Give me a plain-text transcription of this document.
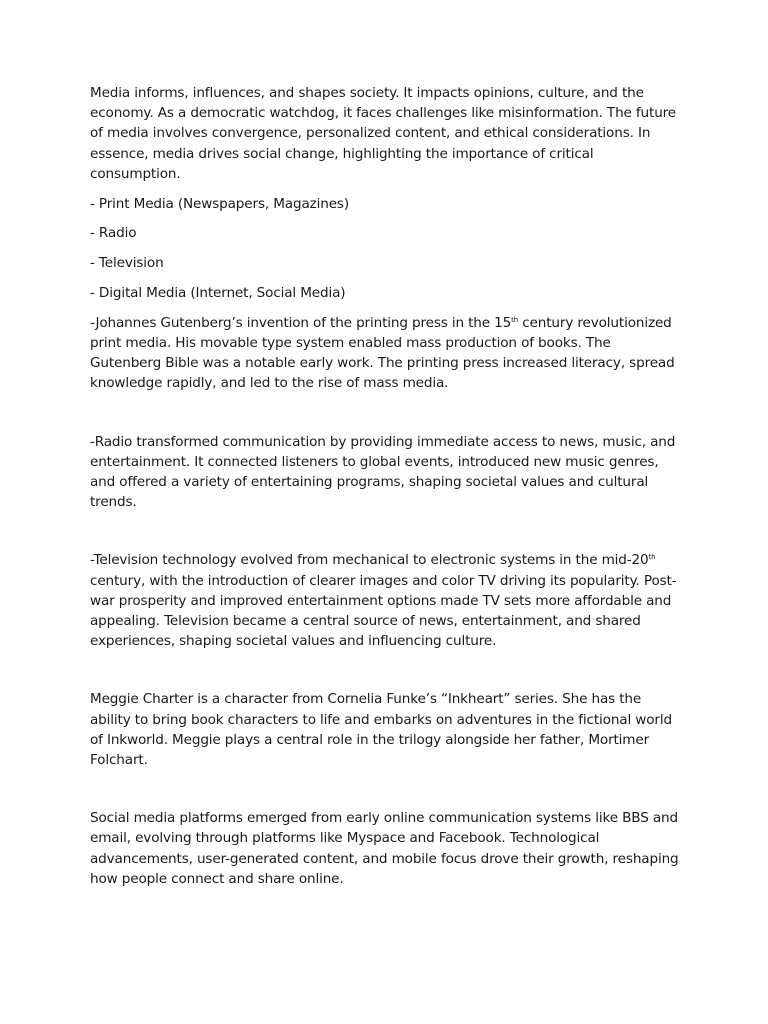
Media informs, influences, and shapes society. It impacts opinions, culture, and the economy. As a democratic watchdog, it faces challenges like misinformation. The future of media involves convergence, personalized content, and ethical considerations. In essence, media drives social change, highlighting the importance of critical consumption.

- Print Media (Newspapers, Magazines)

- Radio

- Television

- Digital Media (Internet, Social Media)

-Johannes Gutenberg’s invention of the printing press in the 15th century revolutionized print media. His movable type system enabled mass production of books. The Gutenberg Bible was a notable early work. The printing press increased literacy, spread knowledge rapidly, and led to the rise of mass media.

-Radio transformed communication by providing immediate access to news, music, and entertainment. It connected listeners to global events, introduced new music genres, and offered a variety of entertaining programs, shaping societal values and cultural trends.

-Television technology evolved from mechanical to electronic systems in the mid-20th century, with the introduction of clearer images and color TV driving its popularity. Post-war prosperity and improved entertainment options made TV sets more affordable and appealing. Television became a central source of news, entertainment, and shared experiences, shaping societal values and influencing culture.

Meggie Charter is a character from Cornelia Funke’s “Inkheart” series. She has the ability to bring book characters to life and embarks on adventures in the fictional world of Inkworld. Meggie plays a central role in the trilogy alongside her father, Mortimer Folchart.

Social media platforms emerged from early online communication systems like BBS and email, evolving through platforms like Myspace and Facebook. Technological advancements, user-generated content, and mobile focus drove their growth, reshaping how people connect and share online.
